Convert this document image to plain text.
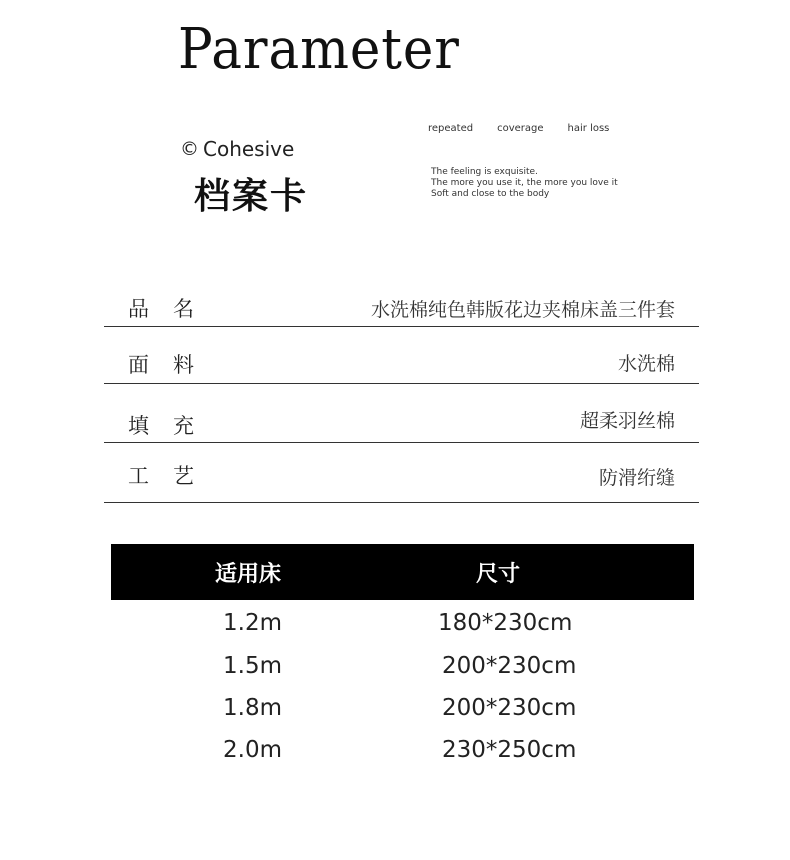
Parameter
repeated coverage hair loss
© Cohesive
档案卡
The feeling is exquisite.
The more you use it, the more you love it
Soft and close to the body
品名	水洗棉纯色韩版花边夹棉床盖三件套
面料	水洗棉
填充	超柔羽丝棉
工艺	防滑绗缝
适用床	尺寸
1.2m	180*230cm
1.5m	200*230cm
1.8m	200*230cm
2.0m	230*250cm
